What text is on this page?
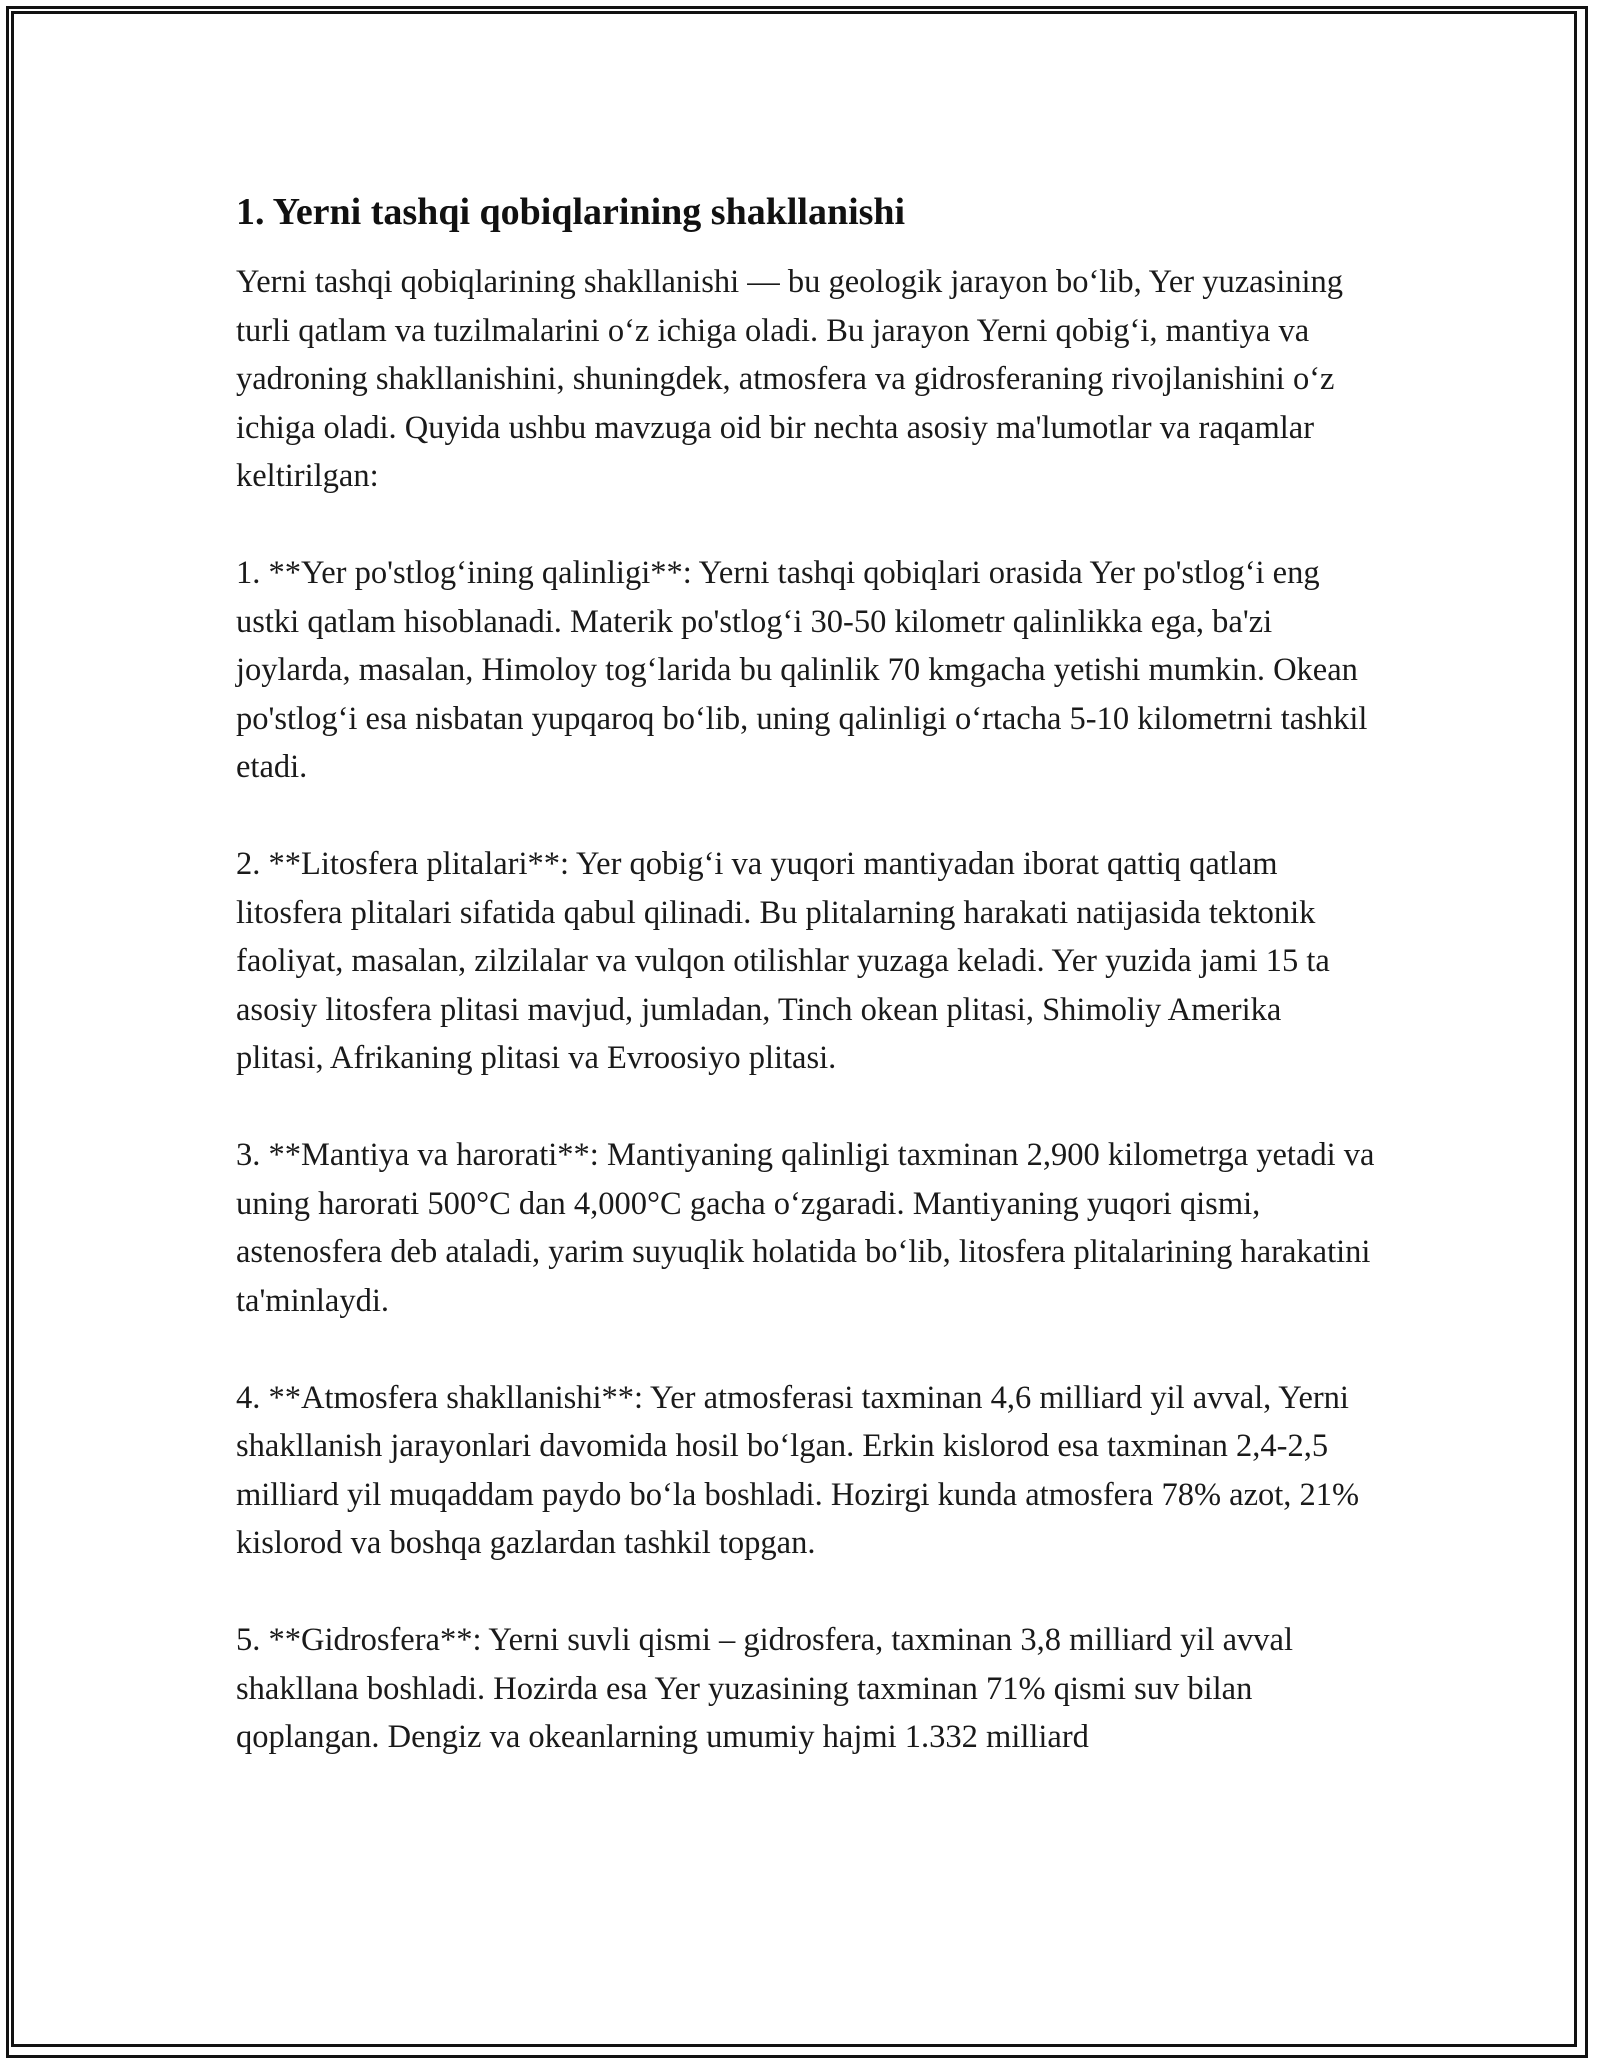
1. Yerni tashqi qobiqlarining shakllanishi

Yerni tashqi qobiqlarining shakllanishi — bu geologik jarayon bo‘lib, Yer yuzasining turli qatlam va tuzilmalarini o‘z ichiga oladi. Bu jarayon Yerni qobig‘i, mantiya va yadroning shakllanishini, shuningdek, atmosfera va gidrosferaning rivojlanishini o‘z ichiga oladi. Quyida ushbu mavzuga oid bir nechta asosiy ma'lumotlar va raqamlar keltirilgan:

1. **Yer po'stlog‘ining qalinligi**: Yerni tashqi qobiqlari orasida Yer po'stlog‘i eng ustki qatlam hisoblanadi. Materik po'stlog‘i 30-50 kilometr qalinlikka ega, ba'zi joylarda, masalan, Himoloy tog‘larida bu qalinlik 70 kmgacha yetishi mumkin. Okean po'stlog‘i esa nisbatan yupqaroq bo‘lib, uning qalinligi o‘rtacha 5-10 kilometrni tashkil etadi.

2. **Litosfera plitalari**: Yer qobig‘i va yuqori mantiyadan iborat qattiq qatlam litosfera plitalari sifatida qabul qilinadi. Bu plitalarning harakati natijasida tektonik faoliyat, masalan, zilzilalar va vulqon otilishlar yuzaga keladi. Yer yuzida jami 15 ta asosiy litosfera plitasi mavjud, jumladan, Tinch okean plitasi, Shimoliy Amerika plitasi, Afrikaning plitasi va Evroosiyo plitasi.

3. **Mantiya va harorati**: Mantiyaning qalinligi taxminan 2,900 kilometrga yetadi va uning harorati 500°C dan 4,000°C gacha o‘zgaradi. Mantiyaning yuqori qismi, astenosfera deb ataladi, yarim suyuqlik holatida bo‘lib, litosfera plitalarining harakatini ta'minlaydi.

4. **Atmosfera shakllanishi**: Yer atmosferasi taxminan 4,6 milliard yil avval, Yerni shakllanish jarayonlari davomida hosil bo‘lgan. Erkin kislorod esa taxminan 2,4-2,5 milliard yil muqaddam paydo bo‘la boshladi. Hozirgi kunda atmosfera 78% azot, 21% kislorod va boshqa gazlardan tashkil topgan.

5. **Gidrosfera**: Yerni suvli qismi – gidrosfera, taxminan 3,8 milliard yil avval shakllana boshladi. Hozirda esa Yer yuzasining taxminan 71% qismi suv bilan qoplangan. Dengiz va okeanlarning umumiy hajmi 1.332 milliard
